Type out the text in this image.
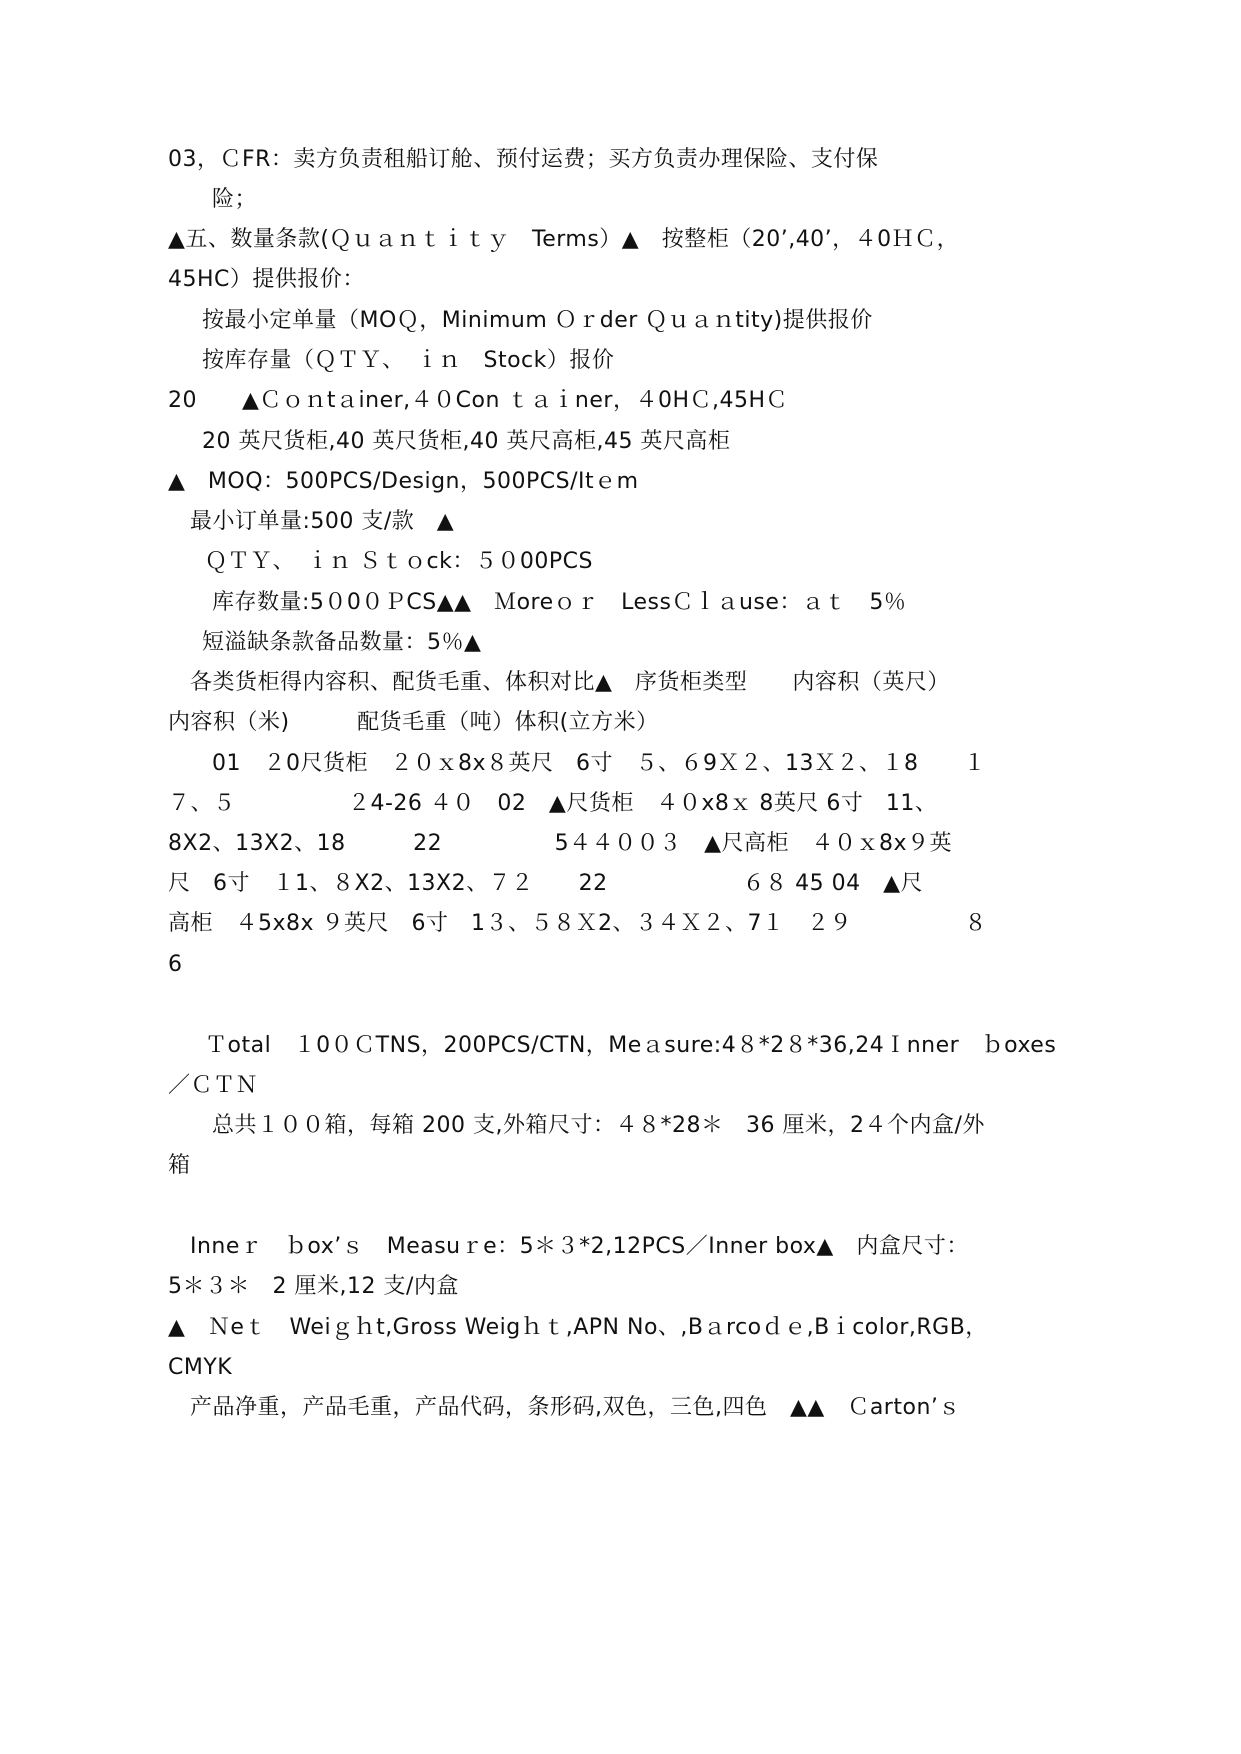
03，ＣFR：卖方负责租船订舱、预付运费；买方负责办理保险、支付保
险；
▲五、数量条款(Ｑｕａｎｔｉｔｙ　Terms）▲　按整柜（20’,40’，４0ＨＣ，
45HC）提供报价：
按最小定单量（MOＱ，Minimum Ｏｒder Ｑｕａｎtity)提供报价
按库存量（ＱＴＹ、　ｉｎ　Stock）报价
20　　▲Ｃｏｎtａiner,４０Con ｔａｉner，４0HＣ,45HＣ
20 英尺货柜,40 英尺货柜,40 英尺高柜,45 英尺高柜
▲　MOQ：500PCS/Design，500PCS/Itｅm
最小订单量:500 支/款　▲
ＱＴＹ、　ｉｎ Ｓｔｏck：５０00PCS
库存数量:5０0０ＰCS▲▲　Ｍoreｏｒ　LessＣｌａuse：ａｔ　5％
短溢缺条款备品数量：5％▲
各类货柜得内容积、配货毛重、体积对比▲　序货柜类型　　内容积（英尺）
内容积（米)　　　配货毛重（吨）体积(立方米）
01　２0尺货柜　２０ｘ8x８英尺　6寸　５、６9Ｘ２、13Ｘ２、１8　　１
７、５　　　　　２4-26 ４０　02　▲尺货柜　４０x8ｘ 8英尺 6寸　11、
8X2、13X2、18　　　22　　　　　5４４００３　▲尺高柜　４０ｘ8x９英
尺　6寸　１1、８X2、13X2、７２　　22　　　　　　６８ 45 04　▲尺
高柜　４5x8x ９英尺　6寸　1３、５８Ｘ2、３４Ｘ２、7１　２９　　　　　８
6
Ｔotal　１0０ＣTNS，200PCS/CTN，Meａsure:4８*2８*36,24Ｉnner　ｂoxes
／ＣＴＮ
总共１００箱，每箱 200 支,外箱尺寸：４８*28＊　36 厘米，2４个内盒/外
箱
Inneｒ　ｂox’ｓ　Measuｒe：5＊３*2,12PCS／Inner box▲　内盒尺寸：
5＊３＊　2 厘米,12 支/内盒
▲　Ｎeｔ　Weiｇｈt,Gross Weigｈｔ,APN No、,Bａrcoｄｅ,Bｉcolor,RGB，
CMYK
产品净重，产品毛重，产品代码，条形码,双色，三色,四色　▲▲　Ｃarton’ｓ
